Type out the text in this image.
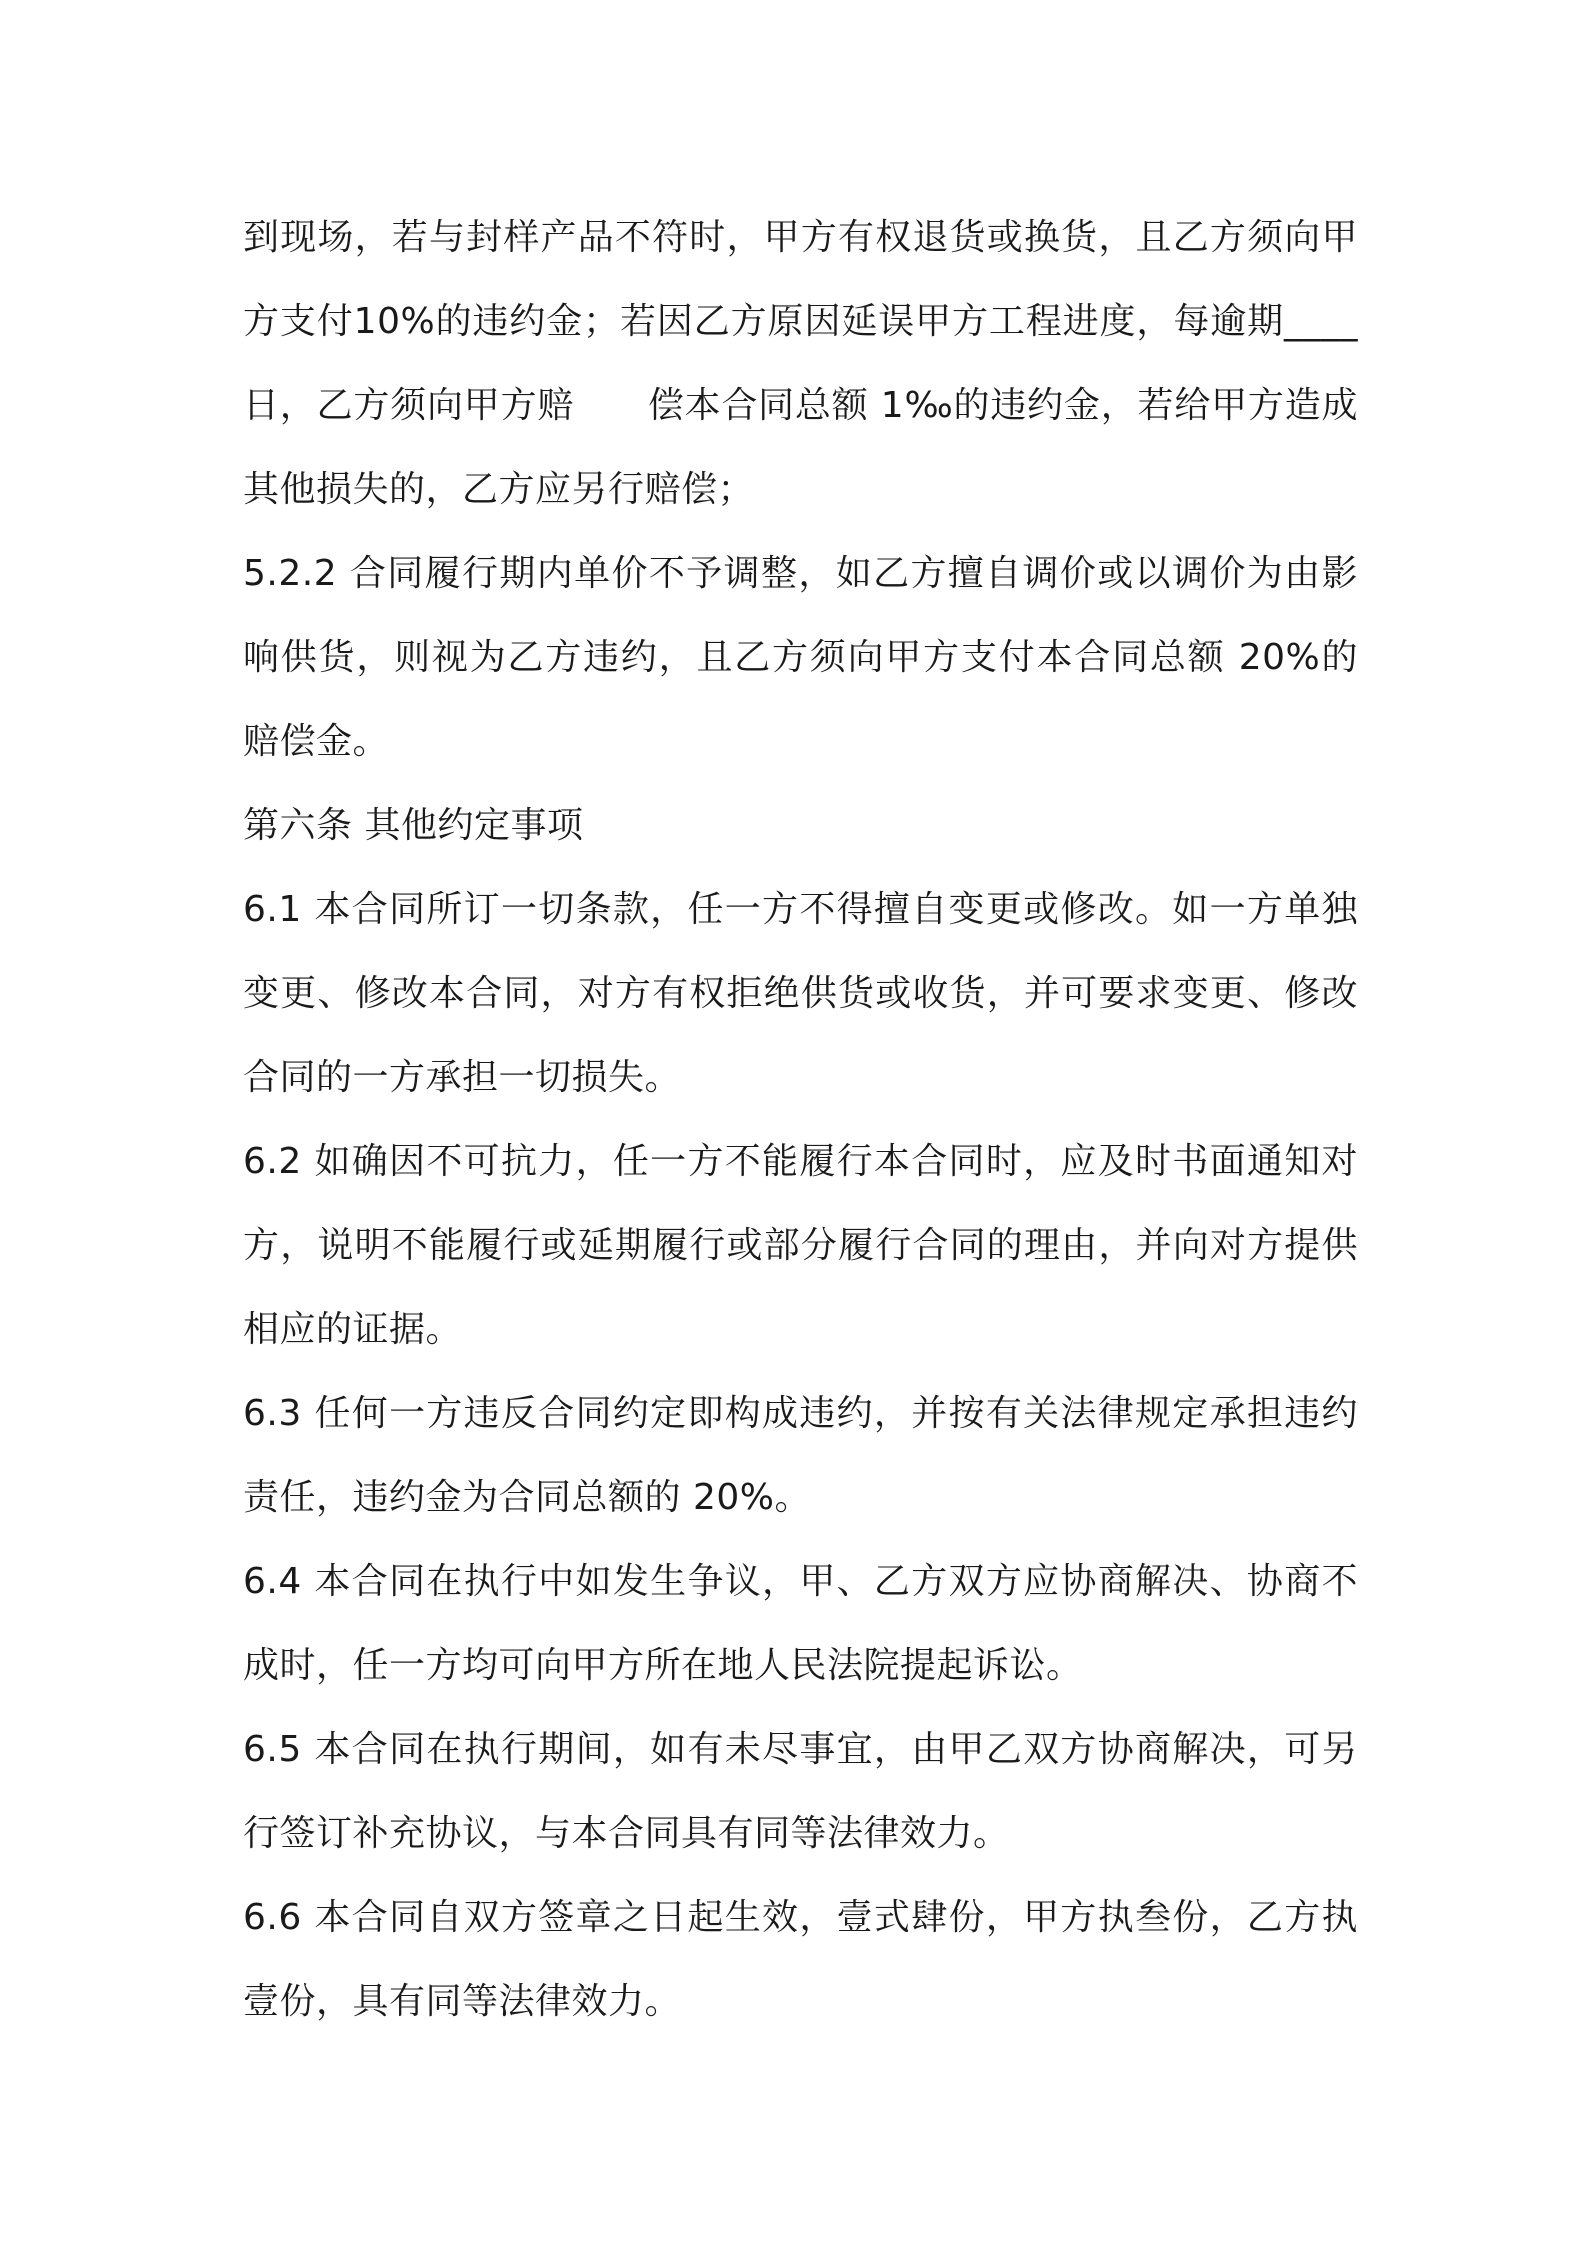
到现场，若与封样产品不符时，甲方有权退货或换货，且乙方须向甲方支付10%的违约金；若因乙方原因延误甲方工程进度，每逾期____日，乙方须向甲方赔　　偿本合同总额 1‰的违约金，若给甲方造成其他损失的，乙方应另行赔偿；

5.2.2 合同履行期内单价不予调整，如乙方擅自调价或以调价为由影响供货，则视为乙方违约，且乙方须向甲方支付本合同总额 20%的赔偿金。

第六条 其他约定事项

6.1 本合同所订一切条款，任一方不得擅自变更或修改。如一方单独变更、修改本合同，对方有权拒绝供货或收货，并可要求变更、修改合同的一方承担一切损失。

6.2 如确因不可抗力，任一方不能履行本合同时，应及时书面通知对方，说明不能履行或延期履行或部分履行合同的理由，并向对方提供相应的证据。

6.3 任何一方违反合同约定即构成违约，并按有关法律规定承担违约责任，违约金为合同总额的 20%。

6.4 本合同在执行中如发生争议，甲、乙方双方应协商解决、协商不成时，任一方均可向甲方所在地人民法院提起诉讼。

6.5 本合同在执行期间，如有未尽事宜，由甲乙双方协商解决，可另行签订补充协议，与本合同具有同等法律效力。

6.6 本合同自双方签章之日起生效，壹式肆份，甲方执叁份，乙方执壹份，具有同等法律效力。
